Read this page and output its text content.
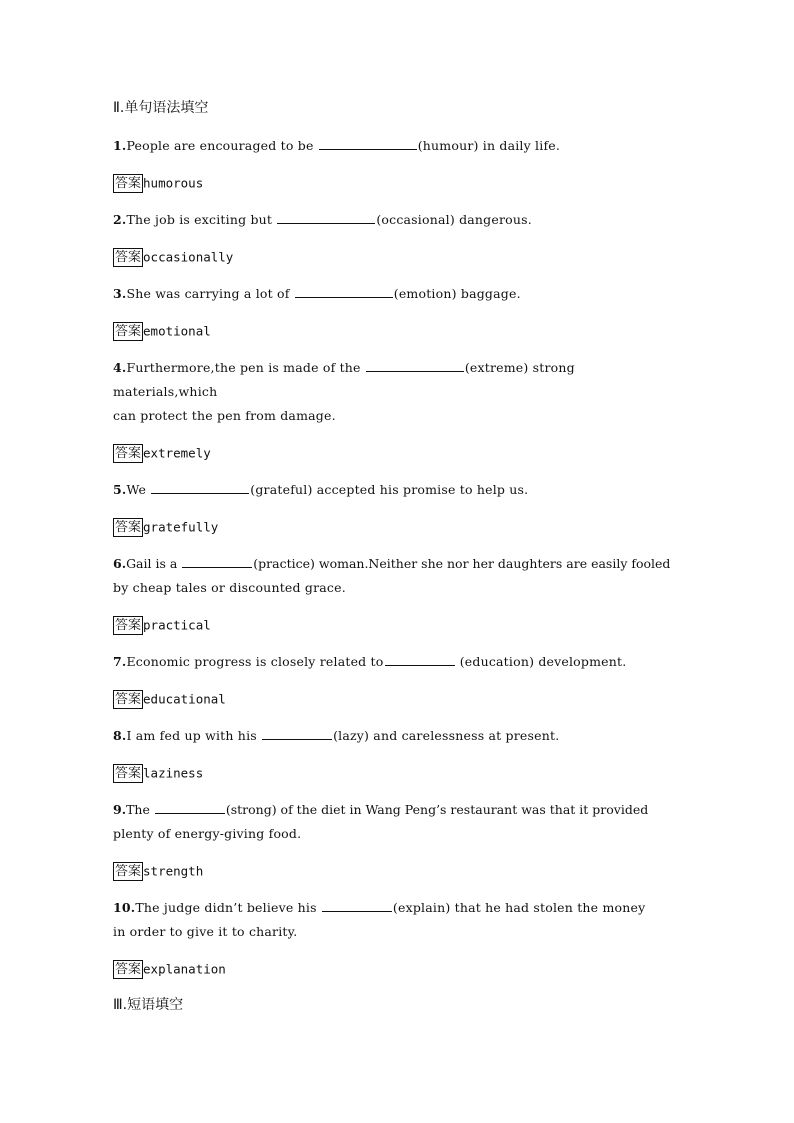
Ⅱ.单句语法填空

1.People are encouraged to be	(humour) in daily life.

答案 humorous

2.The job is exciting but	(occasional) dangerous.

答案 occasionally

3.She was carrying a lot of	(emotion) baggage.

答案 emotional

4.Furthermore,the pen is made of the	(extreme) strong materials,which

can protect the pen from damage.

答案 extremely

5.We	(grateful) accepted his promise to help us.

答案 gratefully

6.Gail is a	(practice) woman.Neither she nor her daughters are easily fooled

by cheap tales or discounted grace.

答案 practical

7.Economic progress is closely related to	(education) development.

答案 educational

8.I am fed up with his	(lazy) and carelessness at present.

答案 laziness

9.The	(strong) of the diet in Wang Peng’s restaurant was that it provided

plenty of energy-giving food.

答案 strength

10.The judge didn’t believe his	(explain) that he had stolen the money

in order to give it to charity.

答案 explanation

Ⅲ.短语填空
